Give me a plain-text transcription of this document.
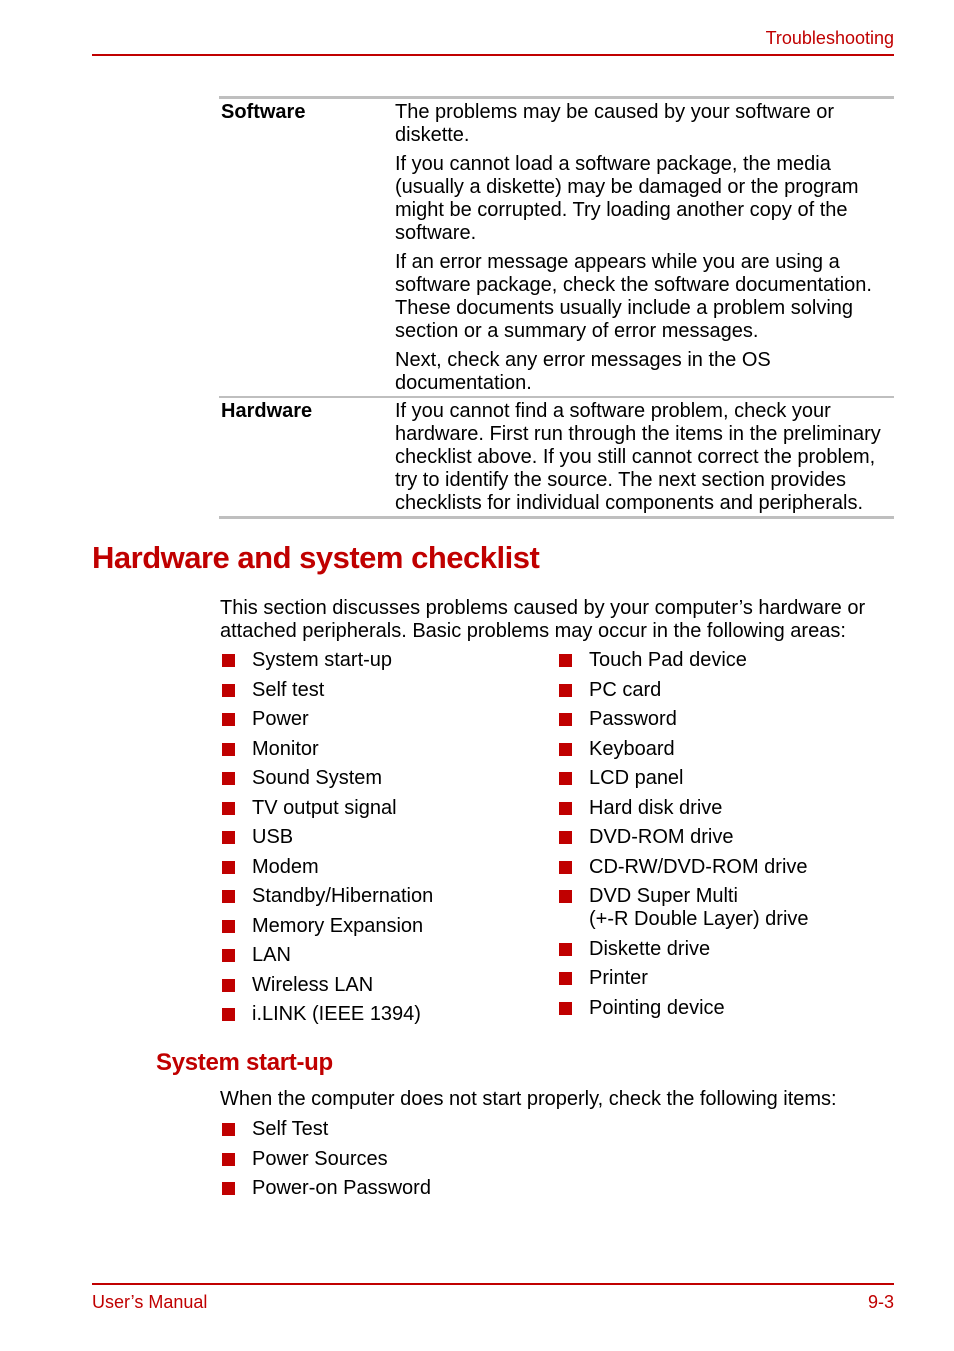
Troubleshooting
Software	The problems may be caused by your software or diskette.

If you cannot load a software package, the media (usually a diskette) may be damaged or the program might be corrupted. Try loading another copy of the software.

If an error message appears while you are using a software package, check the software documentation. These documents usually include a problem solving section or a summary of error messages.

Next, check any error messages in the OS documentation.

Hardware	If you cannot find a software problem, check your hardware. First run through the items in the preliminary checklist above. If you still cannot correct the problem, try to identify the source. The next section provides checklists for individual components and peripherals.

Hardware and system checklist

This section discusses problems caused by your computer’s hardware or attached peripherals. Basic problems may occur in the following areas:

System start-up
Self test
Power
Monitor
Sound System
TV output signal
USB
Modem
Standby/Hibernation
Memory Expansion
LAN
Wireless LAN
i.LINK (IEEE 1394)
Touch Pad device
PC card
Password
Keyboard
LCD panel
Hard disk drive
DVD-ROM drive
CD-RW/DVD-ROM drive
DVD Super Multi
(+-R Double Layer) drive
Diskette drive
Printer
Pointing device
System start-up

When the computer does not start properly, check the following items:

Self Test
Power Sources
Power-on Password
User’s Manual	9-3
